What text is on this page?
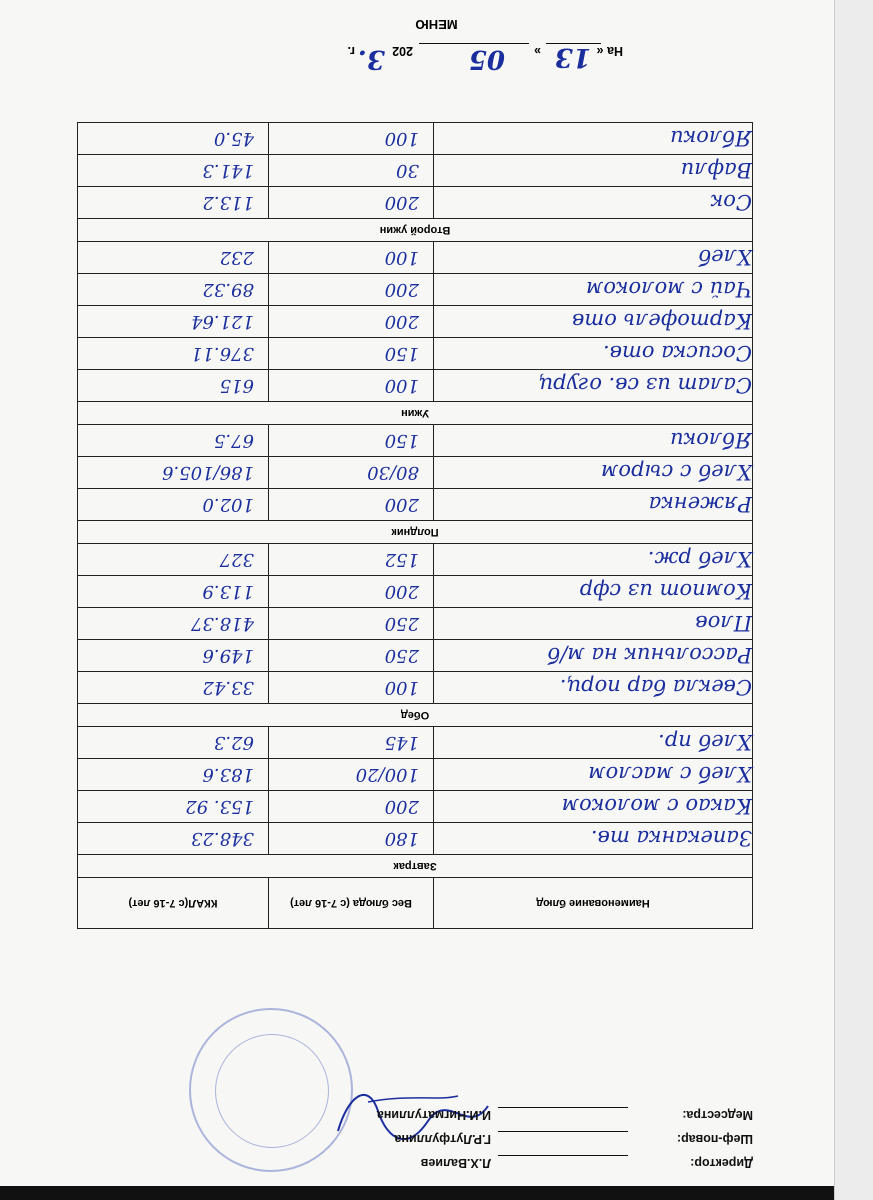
МЕНЮ
На «
13
»
05
202
3.
г.
Наименование блюд	Вес блюда (с 7-16 лет)	ККАЛ(с 7-16 лет)
Завтрак		
Запеканка тв.	180	348.23
Какао с молоком	200	153. 92
Хлеб с маслом	100/20	183.6
Хлеб пр.	145	62.3
Обед		
Свекла бар порц.	100	33.42
Рассольник на м/б	250	149.6
Плов	250	418.37
Компот из сфр	200	113.9
Хлеб рж.	152	327
Полдник		
Ряженка	200	102.0
Хлеб с сыром	80/30	186/105.6
Яблоки	150	67.5
Ужин		
Салат из св. огурц	100	615
Сосиска отв.	150	376.11
Картофель отв	200	121.64
Чай с молоком	200	89.32
Хлеб	100	232
Второй ужин		
Сок	200	113.2
Вафли	30	141.3
Яблоки	100	45.0
Директор:
Л.Х.Валиев
Шеф-повар:
Г.Р.Лутфуллина
Медсестра:
И.И.Нигматуллина
